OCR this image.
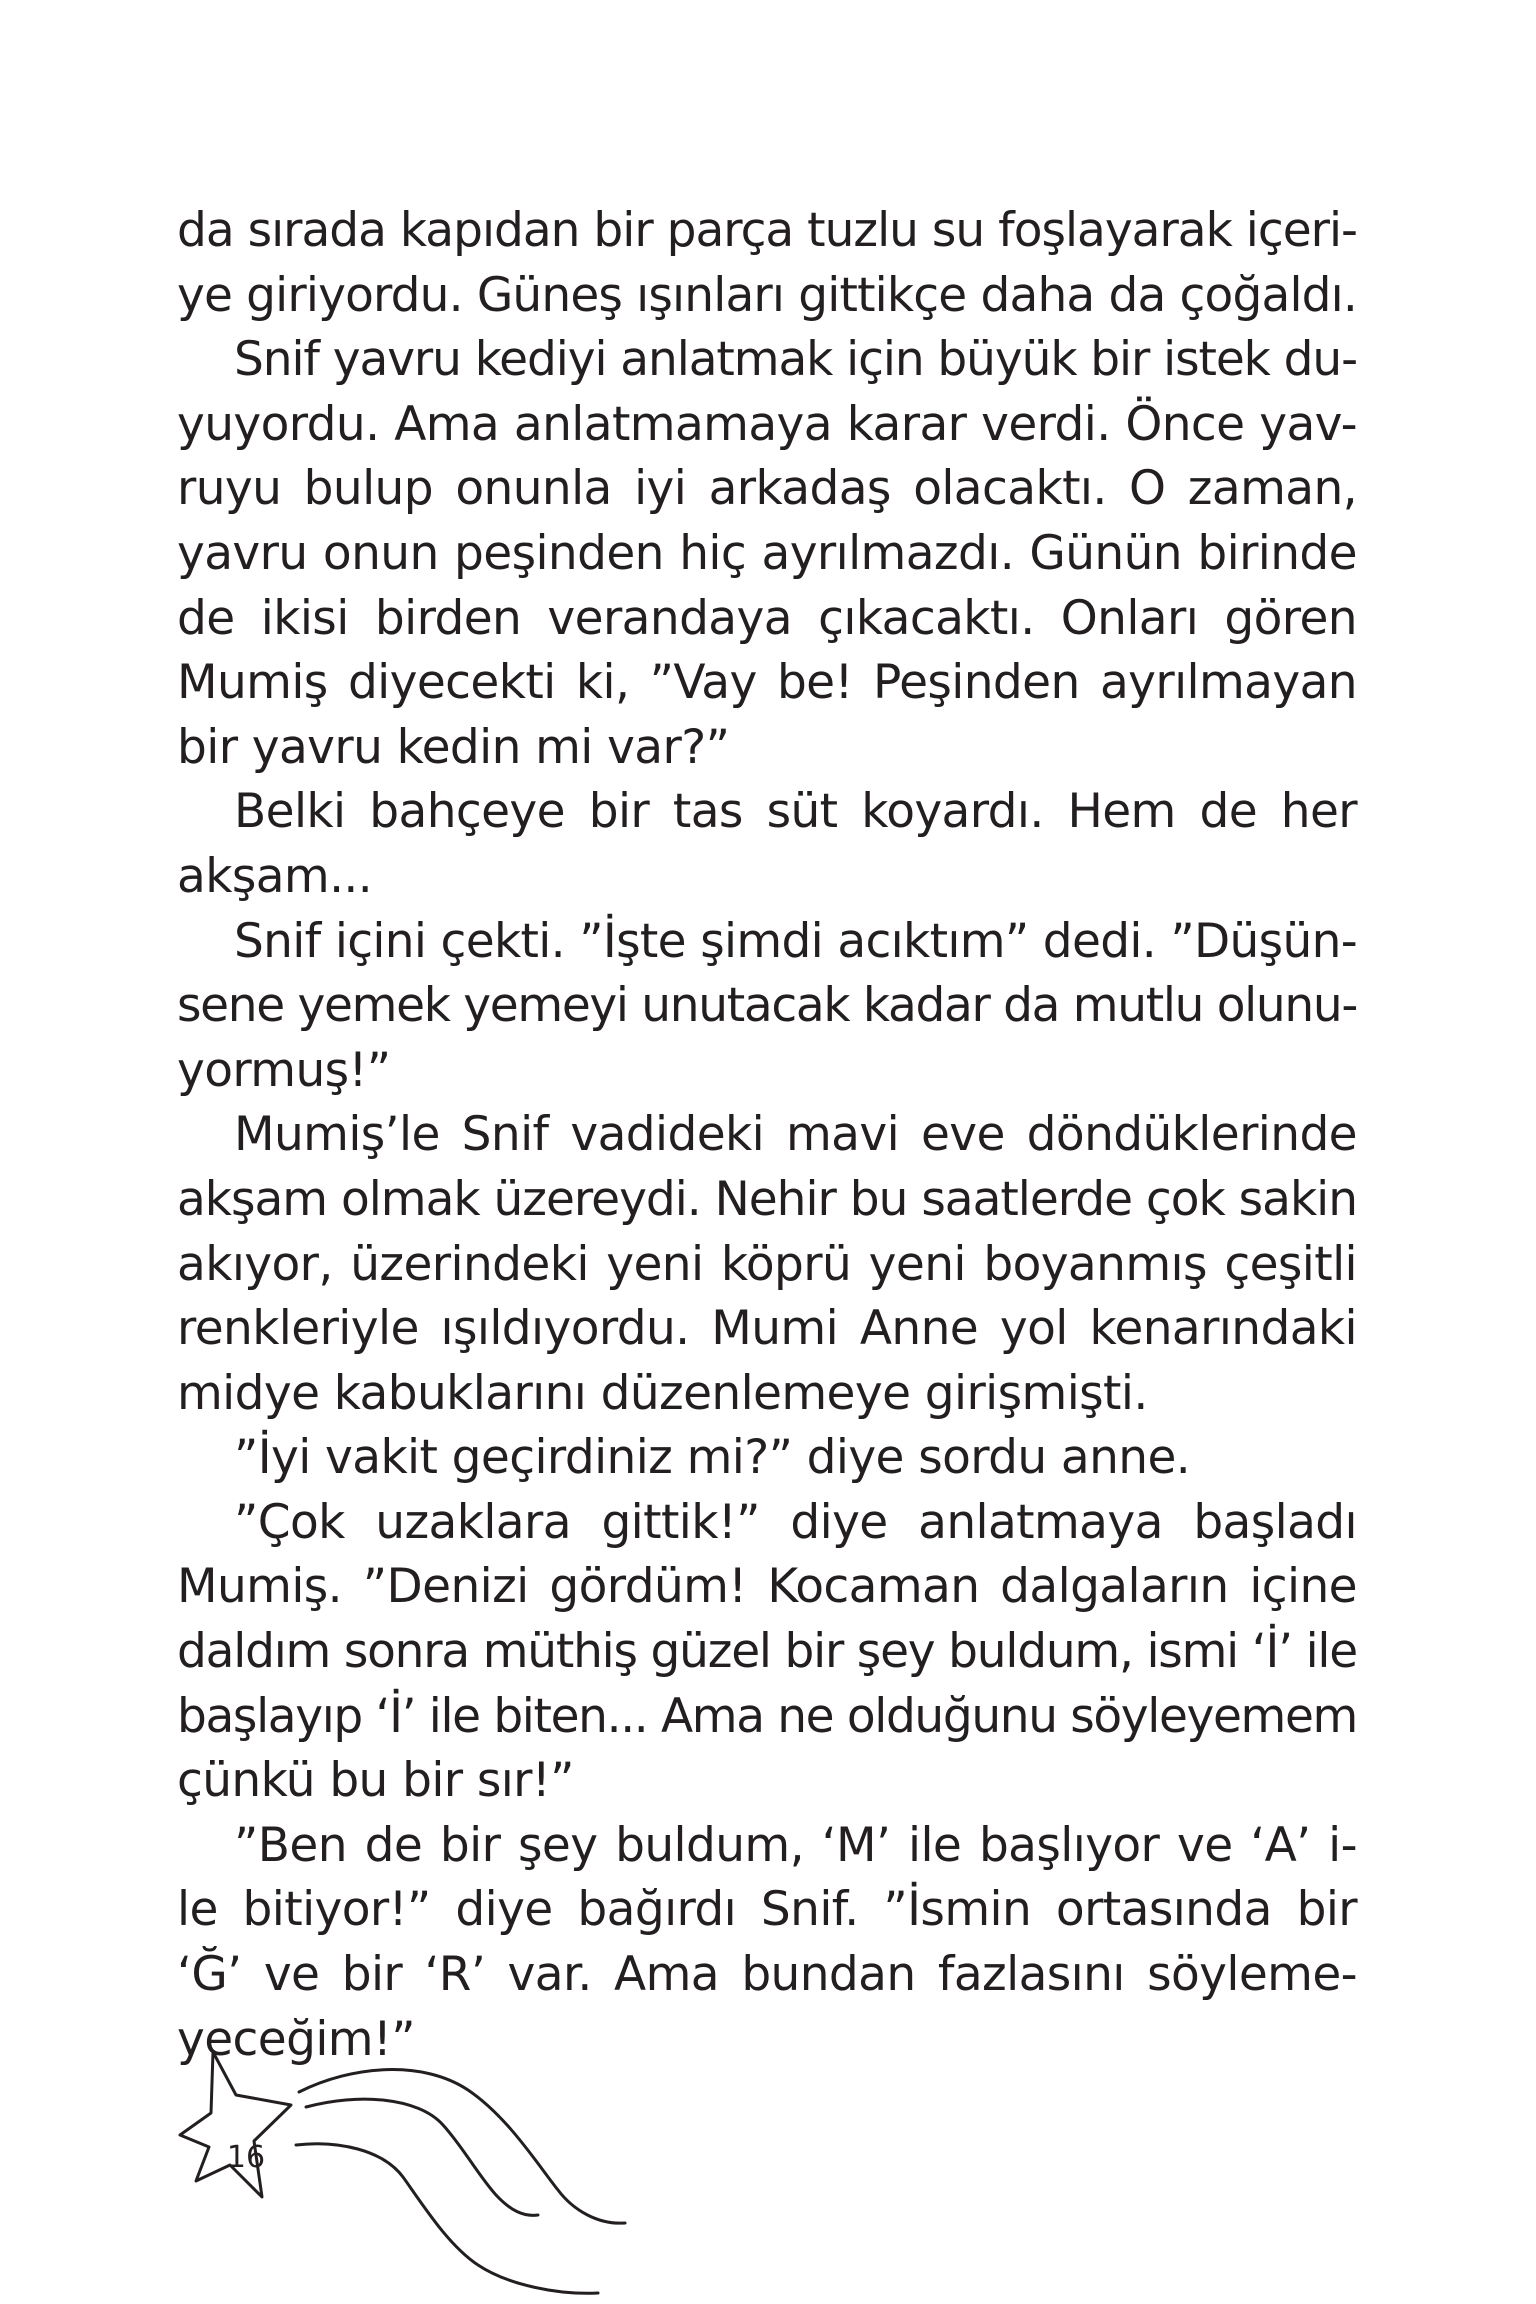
da sırada kapıdan bir parça tuzlu su foşlayarak içeri-
ye giriyordu. Güneş ışınları gittikçe daha da çoğaldı.
Snif yavru kediyi anlatmak için büyük bir istek du-
yuyordu. Ama anlatmamaya karar verdi. Önce yav-
ruyu bulup onunla iyi arkadaş olacaktı. O zaman,
yavru onun peşinden hiç ayrılmazdı. Günün birinde
de ikisi birden verandaya çıkacaktı. Onları gören
Mumiş diyecekti ki, ”Vay be! Peşinden ayrılmayan
bir yavru kedin mi var?”
Belki bahçeye bir tas süt koyardı. Hem de her
akşam...
Snif içini çekti. ”İşte şimdi acıktım” dedi. ”Düşün-
sene yemek yemeyi unutacak kadar da mutlu olunu-
yormuş!”
Mumiş’le Snif vadideki mavi eve döndüklerinde
akşam olmak üzereydi. Nehir bu saatlerde çok sakin
akıyor, üzerindeki yeni köprü yeni boyanmış çeşitli
renkleriyle ışıldıyordu. Mumi Anne yol kenarındaki
midye kabuklarını düzenlemeye girişmişti.
”İyi vakit geçirdiniz mi?” diye sordu anne.
”Çok uzaklara gittik!” diye anlatmaya başladı
Mumiş. ”Denizi gördüm! Kocaman dalgaların içine
daldım sonra müthiş güzel bir şey buldum, ismi ‘İ’ ile
başlayıp ‘İ’ ile biten... Ama ne olduğunu söyleyemem
çünkü bu bir sır!”
”Ben de bir şey buldum, ‘M’ ile başlıyor ve ‘A’ i-
le bitiyor!” diye bağırdı Snif. ”İsmin ortasında bir
‘Ğ’ ve bir ‘R’ var. Ama bundan fazlasını söyleme-
yeceğim!”
16
